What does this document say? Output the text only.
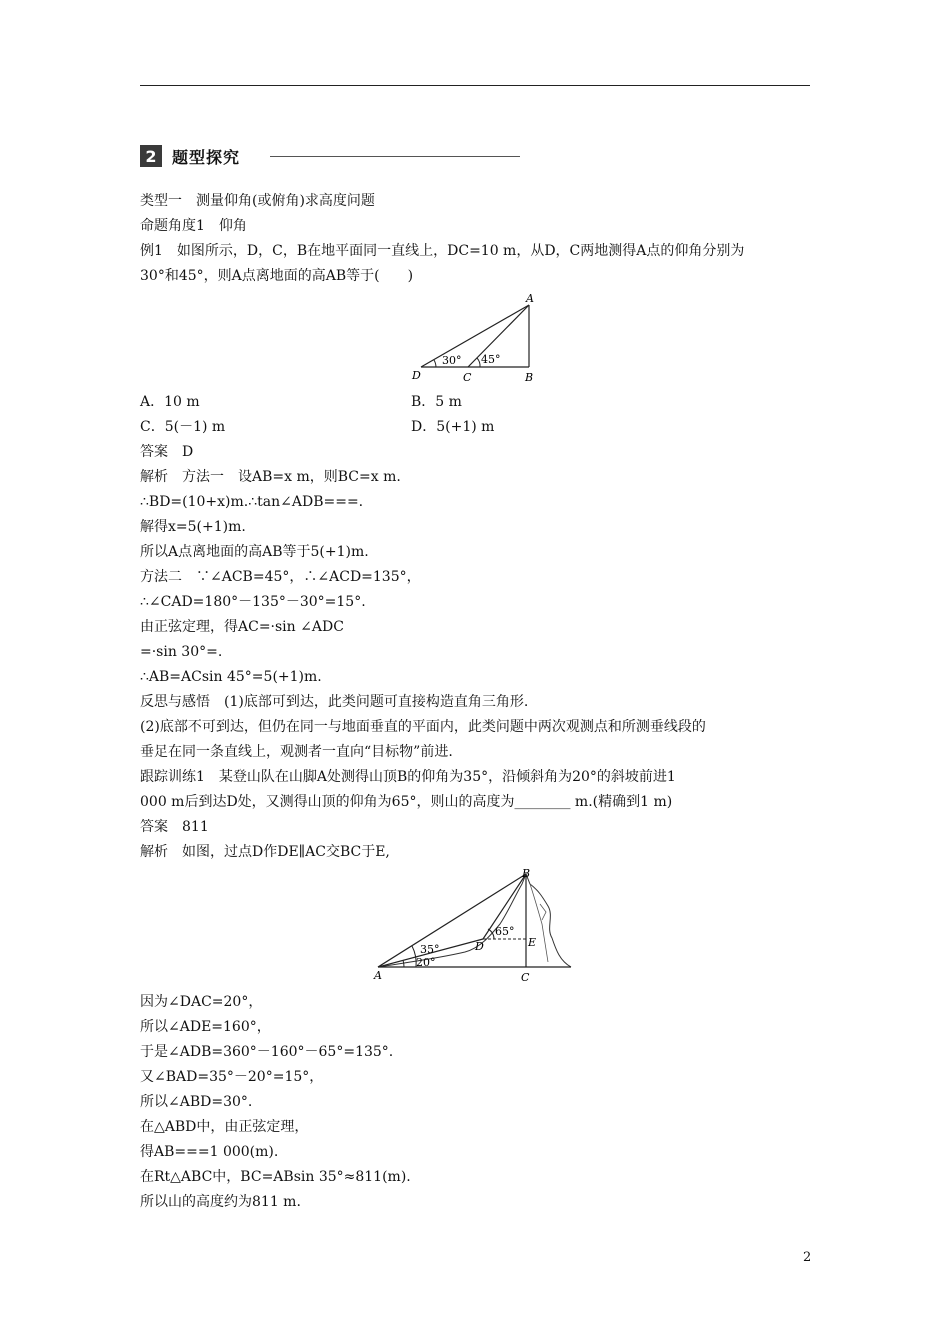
2 题型探究
类型一　测量仰角(或俯角)求高度问题
命题角度1　仰角
例1　如图所示，D，C，B在地平面同一直线上，DC=10 m，从D，C两地测得A点的仰角分别为
30°和45°，则A点离地面的高AB等于(　　)
30° 45°
A
D	C	B
A．10 m	B．5 m
C．5(－1) m	D．5(+1) m
答案　D
解析　方法一　设AB=x m，则BC=x m.
∴BD=(10+x)m.∴tan∠ADB===.
解得x=5(+1)m.
所以A点离地面的高AB等于5(+1)m.
方法二　∵∠ACB=45°，∴∠ACD=135°，
∴∠CAD=180°－135°－30°=15°.
由正弦定理，得AC=·sin ∠ADC
=·sin 30°=.
∴AB=ACsin 45°=5(+1)m.
反思与感悟　(1)底部可到达，此类问题可直接构造直角三角形.
(2)底部不可到达，但仍在同一与地面垂直的平面内，此类问题中两次观测点和所测垂线段的
垂足在同一条直线上，观测者一直向“目标物”前进.
跟踪训练1　某登山队在山脚A处测得山顶B的仰角为35°，沿倾斜角为20°的斜坡前进1
000 m后到达D处，又测得山顶的仰角为65°，则山的高度为________ m.(精确到1 m)
答案　811
解析　如图，过点D作DE∥AC交BC于E,
35°
20°
65°
B
A
D	E
C
因为∠DAC=20°，
所以∠ADE=160°，
于是∠ADB=360°－160°－65°=135°.
又∠BAD=35°－20°=15°，
所以∠ABD=30°.
在△ABD中，由正弦定理，
得AB===1 000(m).
在Rt△ABC中，BC=ABsin 35°≈811(m).
所以山的高度约为811 m.
2
